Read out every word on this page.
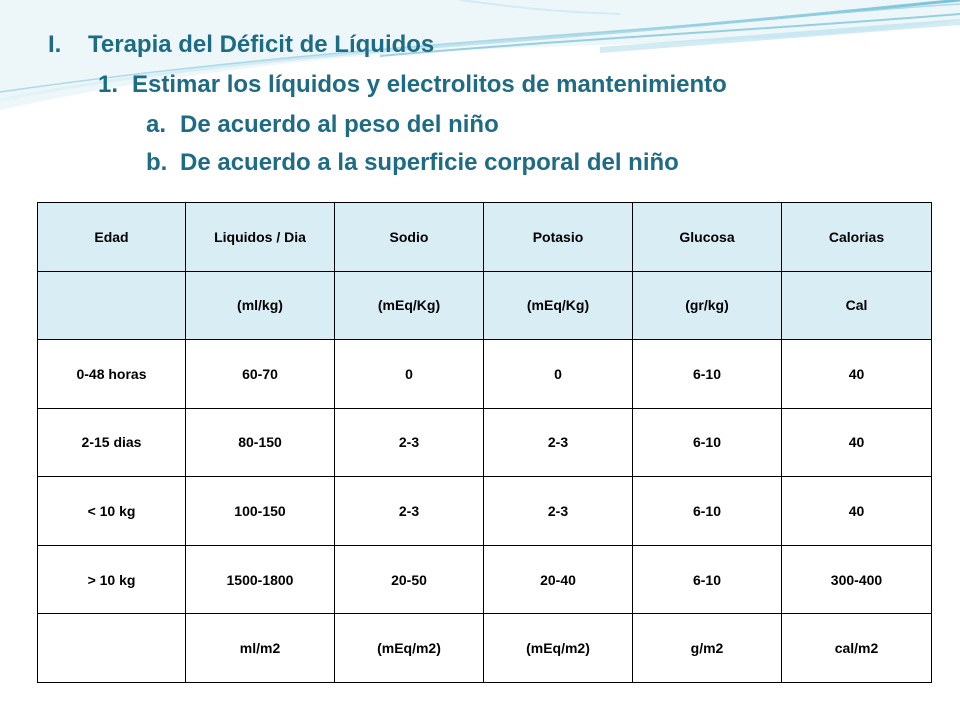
I. Terapia del Déficit de Líquidos
1. Estimar los líquidos y electrolitos de mantenimiento
a. De acuerdo al peso del niño
b. De acuerdo a la superficie corporal del niño
Edad	Liquidos / Dia	Sodio	Potasio	Glucosa	Calorias
	(ml/kg)	(mEq/Kg)	(mEq/Kg)	(gr/kg)	Cal
0-48 horas	60-70	0	0	6-10	40
2-15 dias	80-150	2-3	2-3	6-10	40
< 10 kg	100-150	2-3	2-3	6-10	40
> 10 kg	1500-1800	20-50	20-40	6-10	300-400
	ml/m2	(mEq/m2)	(mEq/m2)	g/m2	cal/m2
